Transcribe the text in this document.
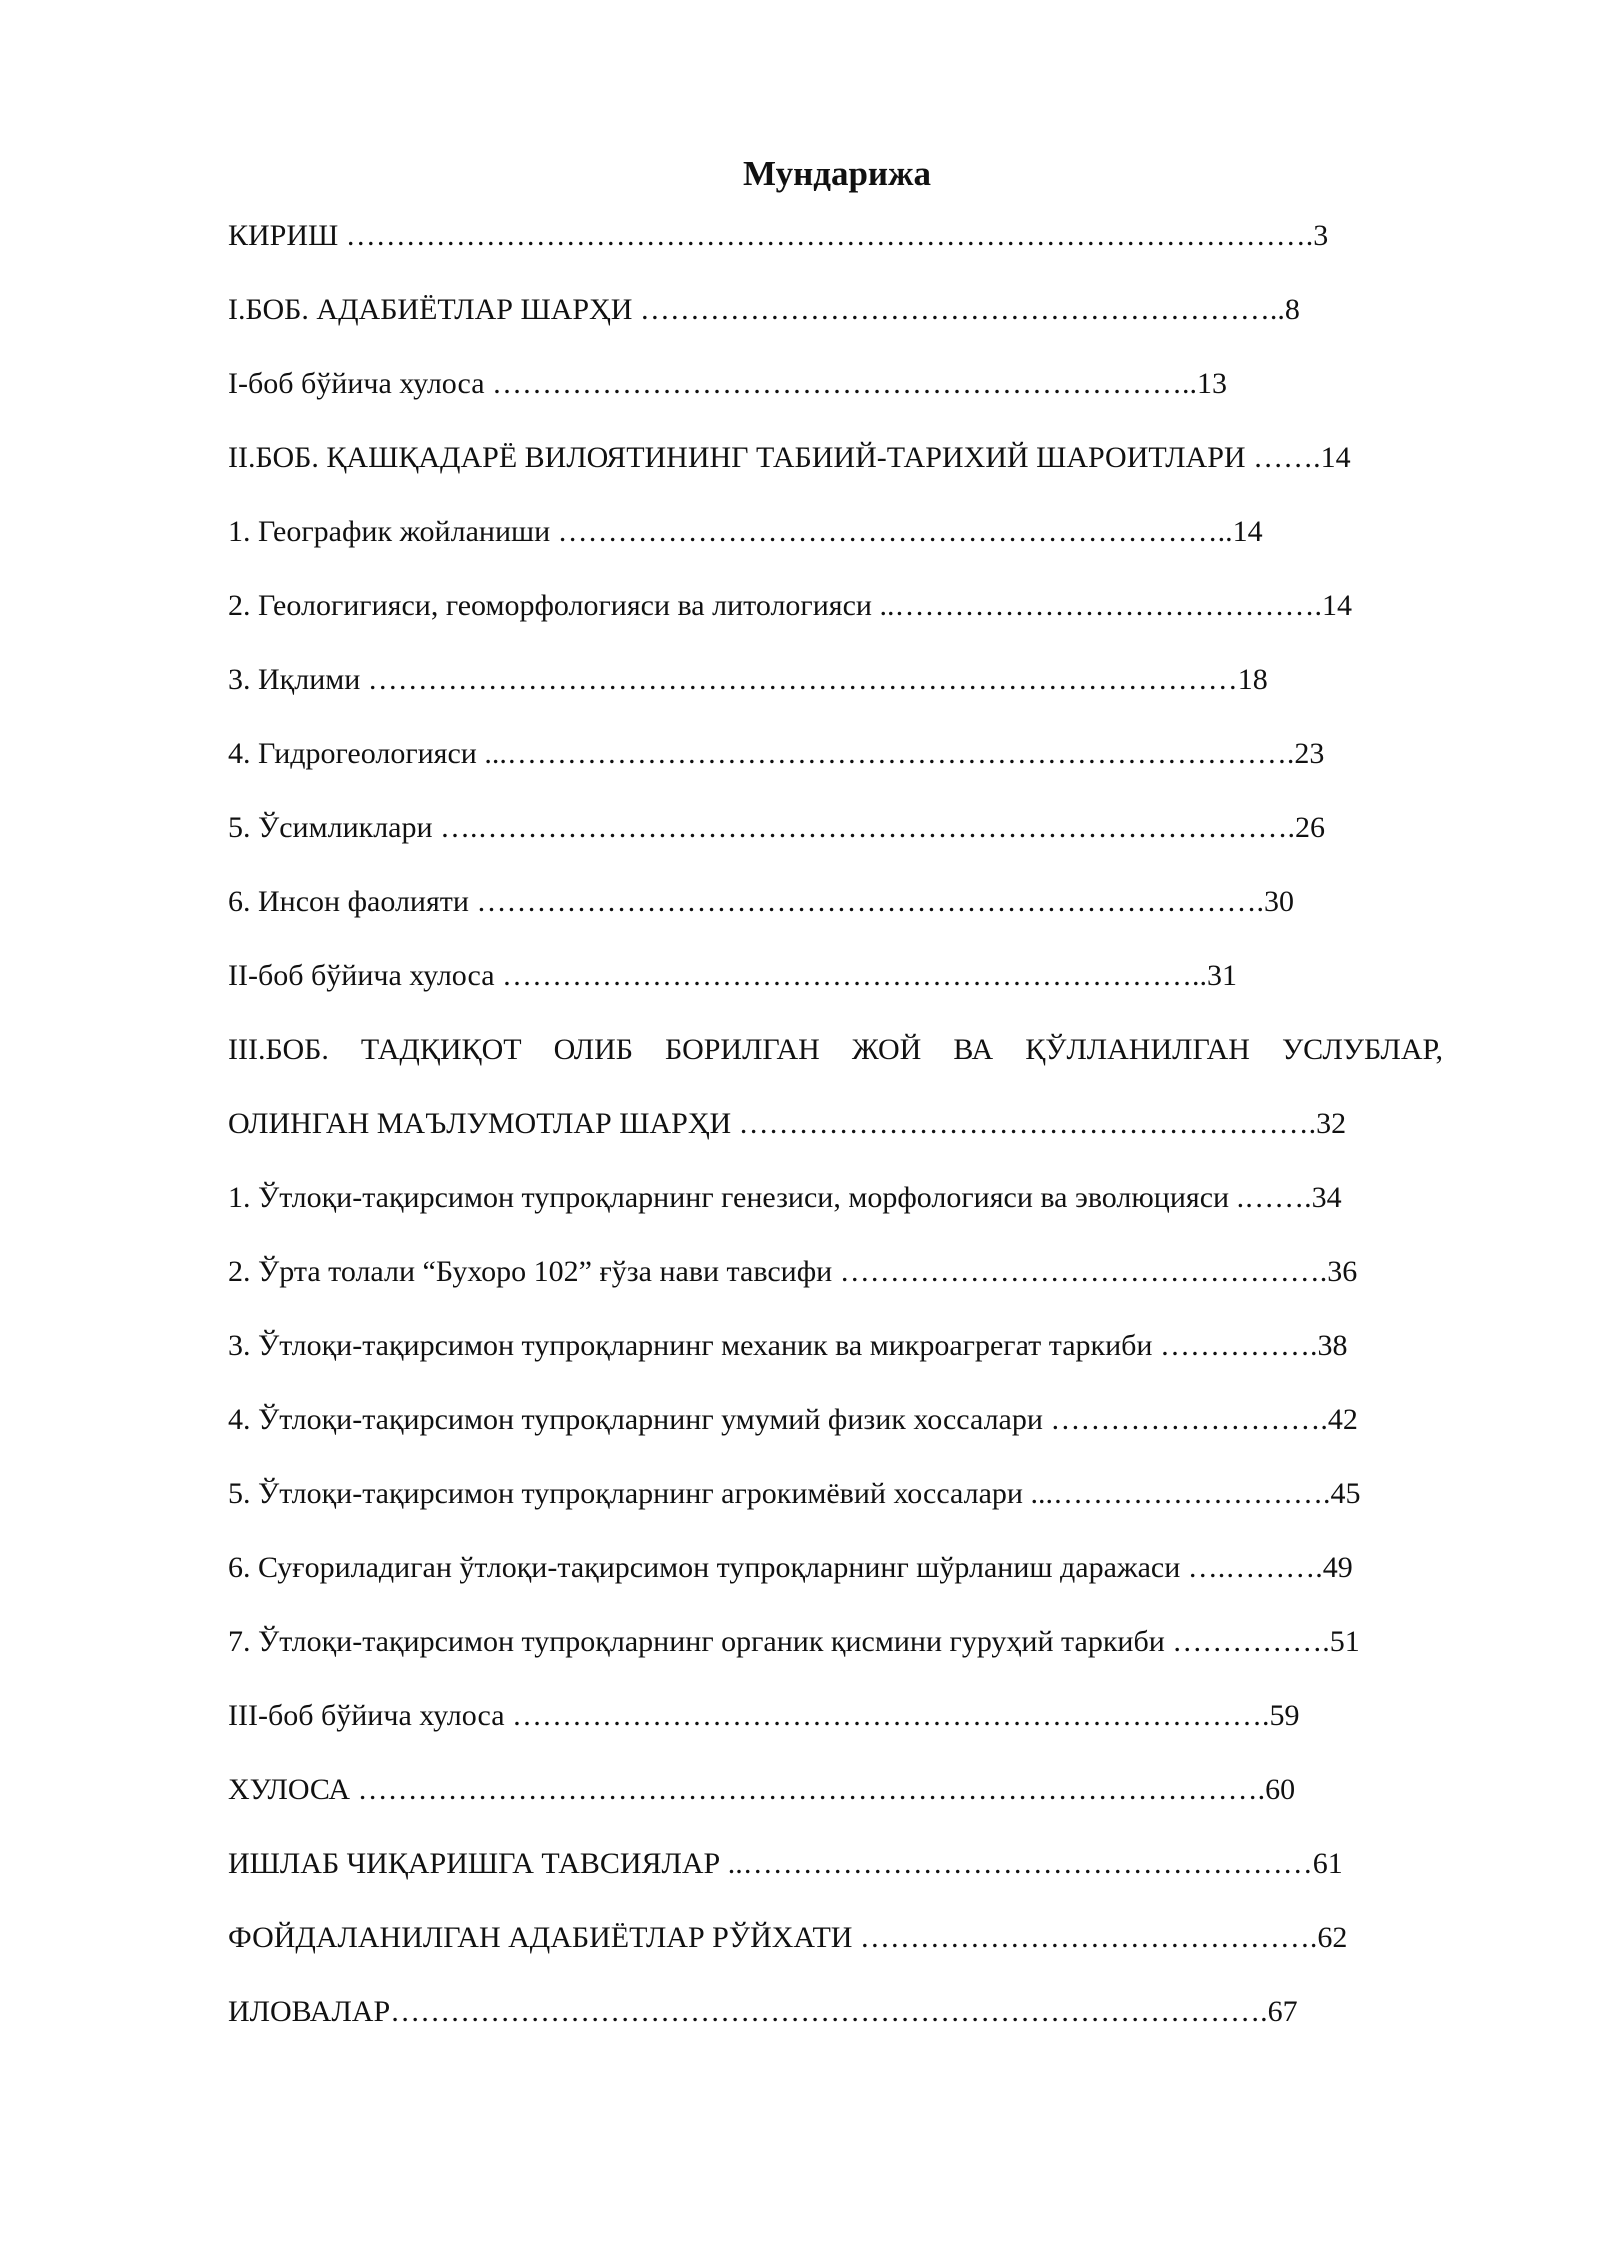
Мундарижа
КИРИШ …………………………………………………………………………………….3
I.БОБ. АДАБИЁТЛАР ШАРҲИ ………………………………………………………..8
I-боб бўйича хулоса ……………………………………………………………..13
II.БОБ. ҚАШҚАДАРЁ ВИЛОЯТИНИНГ ТАБИИЙ-ТАРИХИЙ ШАРОИТЛАРИ …….14
1. Географик жойланиши …………………………………………………………..14
2. Геологигияси, геоморфологияси ва литологияси ..…………………………………….14
3. Иқлими ……………………………………………………………………………18
4. Гидрогеологияси ...…………………………………………………………………….23
5. Ўсимликлари ….……………………………………………………………………….26
6. Инсон фаолияти …………………………………………………………………….30
II-боб бўйича хулоса ……………………………………………………………..31
III.БОБ. ТАДҚИҚОТ ОЛИБ БОРИЛГАН ЖОЙ ВА ҚЎЛЛАНИЛГАН УСЛУБЛАР,
ОЛИНГАН МАЪЛУМОТЛАР ШАРҲИ ………………………………………………….32
1. Ўтлоқи-тақирсимон тупроқларнинг генезиси, морфологияси ва эволюцияси .…….34
2. Ўрта толали “Бухоро 102” ғўза нави тавсифи ………………………………………….36
3. Ўтлоқи-тақирсимон тупроқларнинг механик ва микроагрегат таркиби …………….38
4. Ўтлоқи-тақирсимон тупроқларнинг умумий физик хоссалари ……………………….42
5. Ўтлоқи-тақирсимон тупроқларнинг агрокимёвий хоссалари ...……………………….45
6. Суғориладиган ўтлоқи-тақирсимон тупроқларнинг шўрланиш даражаси ….……….49
7. Ўтлоқи-тақирсимон тупроқларнинг органик қисмини гуруҳий таркиби …………….51
III-боб бўйича хулоса ………………………………………………………………….59
ХУЛОСА ……………………………………………………………………………….60
ИШЛАБ ЧИҚАРИШГА ТАВСИЯЛАР ..…………………………………………………61
ФОЙДАЛАНИЛГАН АДАБИЁТЛАР РЎЙХАТИ ……………………………………….62
ИЛОВАЛАР…………………………………………………………………………….67
